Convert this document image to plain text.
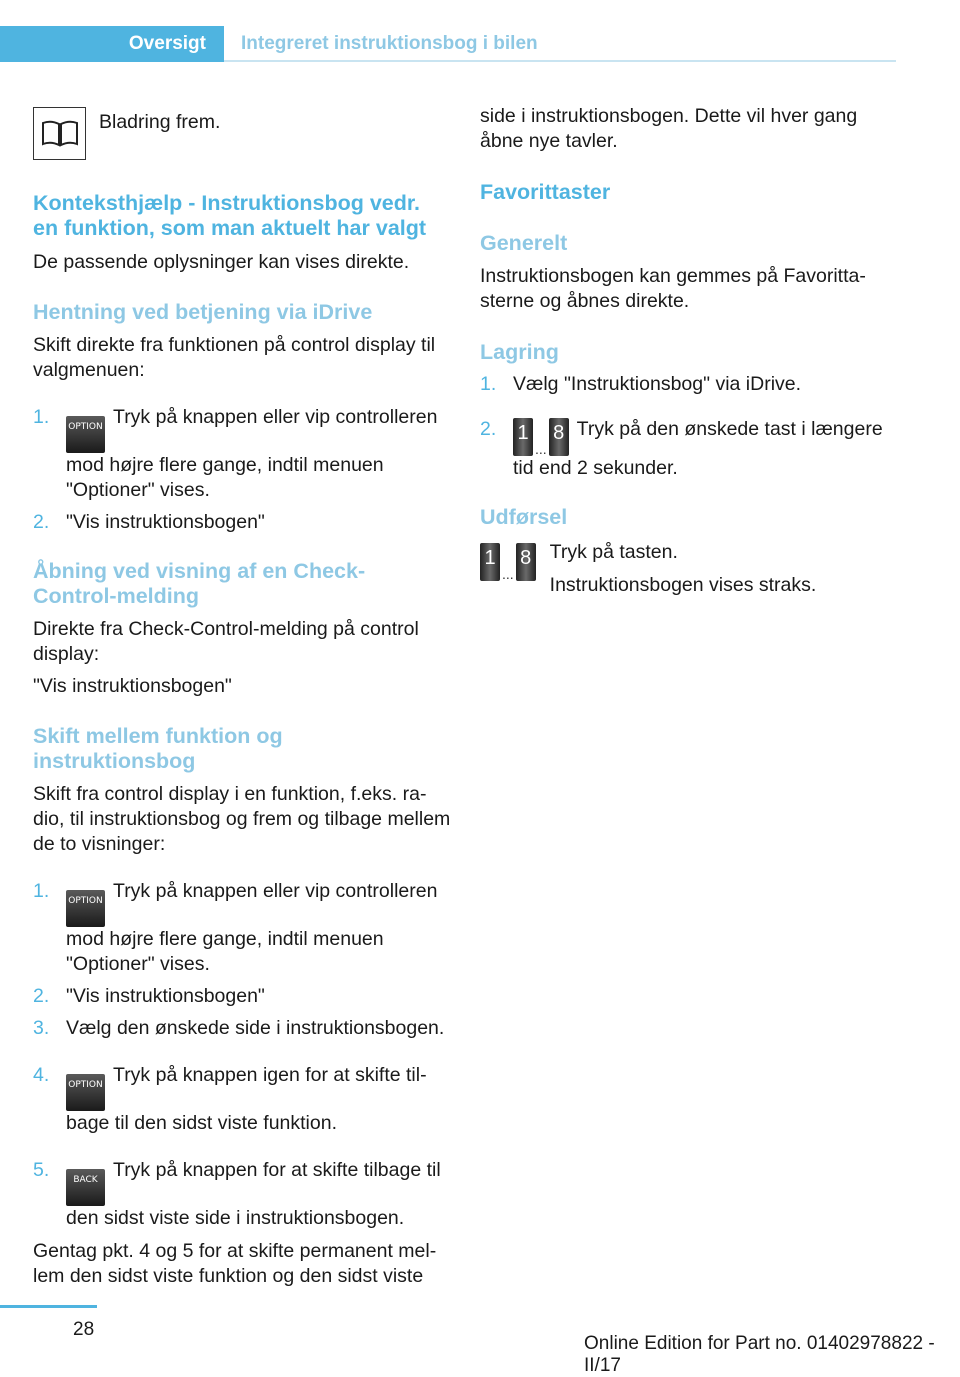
Oversigt	Integreret instruktionsbog i bilen

Bladring frem.

Konteksthjælp - Instruktionsbog vedr.
en funktion, som man aktuelt har valgt

De passende oplysninger kan vises direkte.

Hentning ved betjening via iDrive

Skift direkte fra funktionen på control display til valgmenuen:

1. OPTION Tryk på knappen eller vip controlleren mod højre flere gange, indtil menuen "Optioner" vises.
2. "Vis instruktionsbogen"
Åbning ved visning af en Check-
Control-melding

Direkte fra Check-Control-melding på control display:

"Vis instruktionsbogen"

Skift mellem funktion og
instruktionsbog

Skift fra control display i en funktion, f.eks. radio, til instruktionsbog og frem og tilbage mellem de to visninger:

1. OPTION Tryk på knappen eller vip controlleren mod højre flere gange, indtil menuen "Optioner" vises.
2. "Vis instruktionsbogen"
3. Vælg den ønskede side i instruktionsbogen.
4. OPTION Tryk på knappen igen for at skifte tilbage til den sidst viste funktion.
5.	BACK Tryk på knappen for at skifte tilbage til den sidst viste side i instruktionsbogen.

Gentag pkt. 4 og 5 for at skifte permanent mellem den sidst viste funktion og den sidst viste

side i instruktionsbogen. Dette vil hver gang åbne nye tavler.

Favorittaster
Generelt

Instruktionsbogen kan gemmes på Favorittasterne og åbnes direkte.

Lagring
1. Vælg "Instruktionsbog" via iDrive.
2. 1
...
8 Tryk på den ønskede tast i længere tid end 2 sekunder.
Udførsel
1
...
8 Tryk på tasten.

Instruktionsbogen vises straks.

28
Online Edition for Part no. 01402978822 - II/17
